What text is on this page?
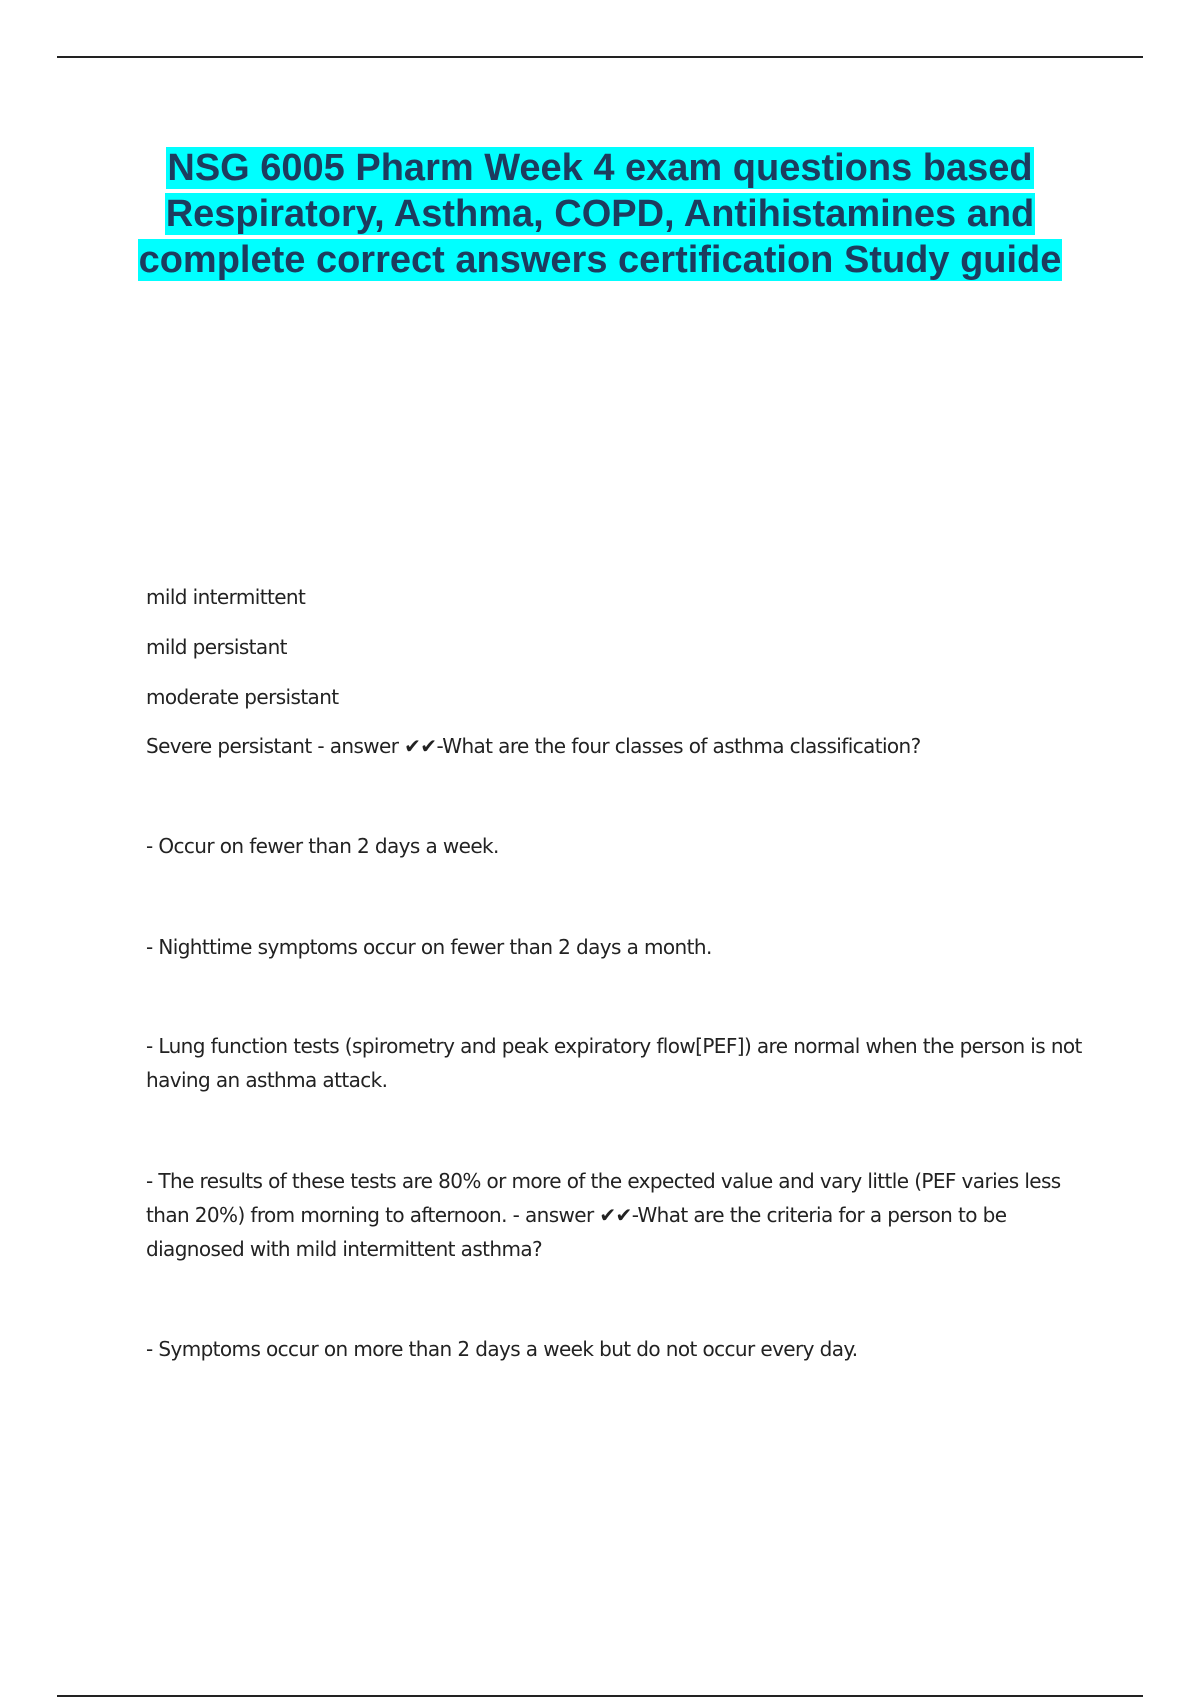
NSG 6005 Pharm Week 4 exam questions based Respiratory, Asthma, COPD, Antihistamines and complete correct answers certification Study guide

mild intermittent

mild persistant

moderate persistant

Severe persistant - answer ✔✔-What are the four classes of asthma classification?

- Occur on fewer than 2 days a week.

- Nighttime symptoms occur on fewer than 2 days a month.

- Lung function tests (spirometry and peak expiratory flow[PEF]) are normal when the person is not having an asthma attack.

- The results of these tests are 80% or more of the expected value and vary little (PEF varies less than 20%) from morning to afternoon. - answer ✔✔-What are the criteria for a person to be diagnosed with mild intermittent asthma?

- Symptoms occur on more than 2 days a week but do not occur every day.
